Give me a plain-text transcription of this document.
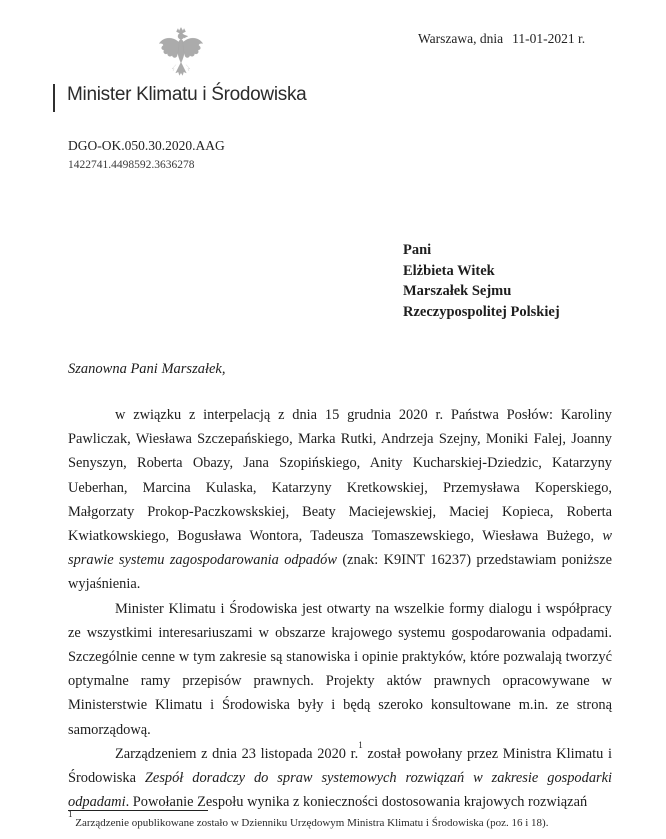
Warszawa, dnia 11-01-2021 r.
Minister Klimatu i Środowiska
DGO-OK.050.30.2020.AAG
1422741.4498592.3636278
Pani
Elżbieta Witek
Marszałek Sejmu
Rzeczypospolitej Polskiej
Szanowna Pani Marszałek,

w związku z interpelacją z dnia 15 grudnia 2020 r. Państwa Posłów: Karoliny Pawliczak, Wiesława Szczepańskiego, Marka Rutki, Andrzeja Szejny, Moniki Falej, Joanny Senyszyn, Roberta Obazy, Jana Szopińskiego, Anity Kucharskiej-Dziedzic, Katarzyny Ueberhan, Marcina Kulaska, Katarzyny Kretkowskiej, Przemysława Koperskiego, Małgorzaty Prokop-Paczkowskskiej, Beaty Maciejewskiej, Maciej Kopieca, Roberta Kwiatkowskiego, Bogusława Wontora, Tadeusza Tomaszewskiego, Wiesława Bużego, w sprawie systemu zagospodarowania odpadów (znak: K9INT 16237) przedstawiam poniższe wyjaśnienia.

Minister Klimatu i Środowiska jest otwarty na wszelkie formy dialogu i współpracy ze wszystkimi interesariuszami w obszarze krajowego systemu gospodarowania odpadami. Szczególnie cenne w tym zakresie są stanowiska i opinie praktyków, które pozwalają tworzyć optymalne ramy przepisów prawnych. Projekty aktów prawnych opracowywane w Ministerstwie Klimatu i Środowiska były i będą szeroko konsultowane m.in. ze stroną samorządową.

Zarządzeniem z dnia 23 listopada 2020 r.$^1$ został powołany przez Ministra Klimatu i Środowiska Zespół doradczy do spraw systemowych rozwiązań w zakresie gospodarki odpadami. Powołanie Zespołu wynika z konieczności dostosowania krajowych rozwiązań

$^1$ Zarządzenie opublikowane zostało w Dzienniku Urzędowym Ministra Klimatu i Środowiska (poz. 16 i 18).
